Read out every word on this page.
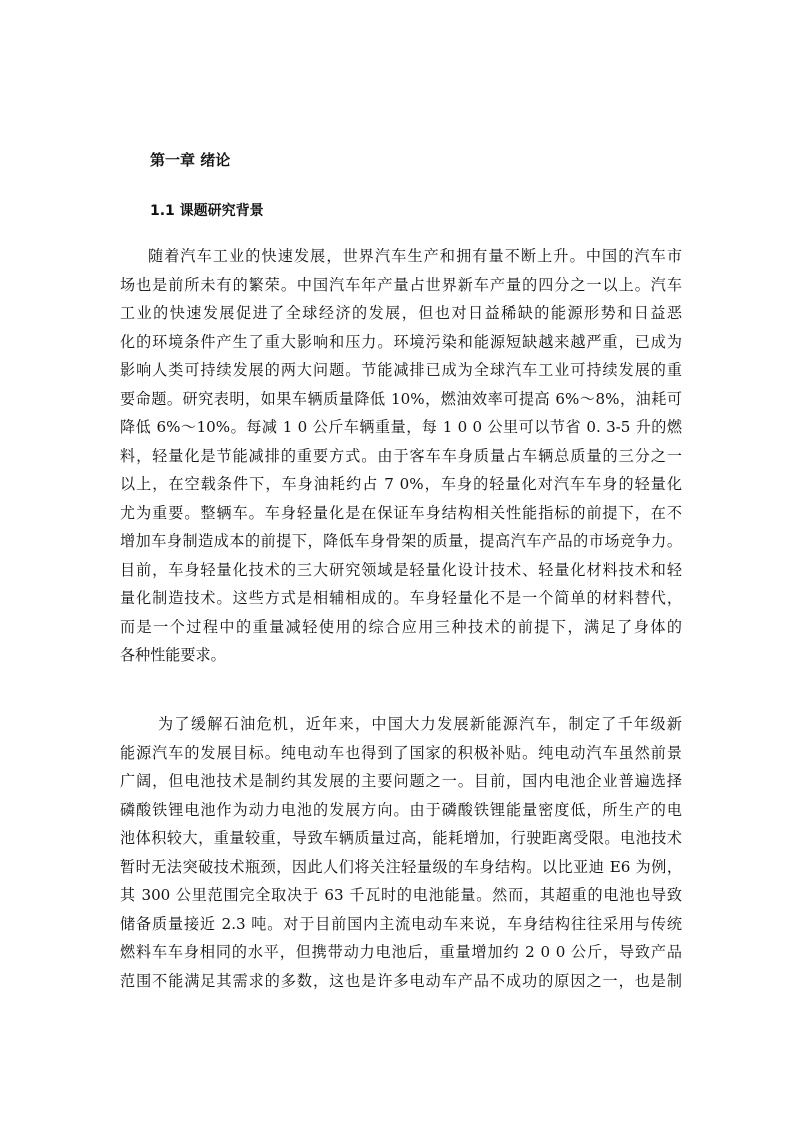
第一章 绪论
1.1 课题研究背景
随着汽车工业的快速发展，世界汽车生产和拥有量不断上升。中国的汽车市
场也是前所未有的繁荣。中国汽车年产量占世界新车产量的四分之一以上。汽车
工业的快速发展促进了全球经济的发展，但也对日益稀缺的能源形势和日益恶
化的环境条件产生了重大影响和压力。环境污染和能源短缺越来越严重，已成为
影响人类可持续发展的两大问题。节能减排已成为全球汽车工业可持续发展的重
要命题。研究表明，如果车辆质量降低 10%，燃油效率可提高 6%～8%，油耗可
降低 6%～10%。每减 1 0 公斤车辆重量，每 1 0 0 公里可以节省 0. 3-5 升的燃
料，轻量化是节能减排的重要方式。由于客车车身质量占车辆总质量的三分之一
以上，在空载条件下，车身油耗约占 7 0%，车身的轻量化对汽车车身的轻量化
尤为重要。整辆车。车身轻量化是在保证车身结构相关性能指标的前提下，在不
增加车身制造成本的前提下，降低车身骨架的质量，提高汽车产品的市场竞争力。
目前，车身轻量化技术的三大研究领域是轻量化设计技术、轻量化材料技术和轻
量化制造技术。这些方式是相辅相成的。车身轻量化不是一个简单的材料替代，
而是一个过程中的重量减轻使用的综合应用三种技术的前提下，满足了身体的
各种性能要求。
为了缓解石油危机，近年来，中国大力发展新能源汽车，制定了千年级新
能源汽车的发展目标。纯电动车也得到了国家的积极补贴。纯电动汽车虽然前景
广阔，但电池技术是制约其发展的主要问题之一。目前，国内电池企业普遍选择
磷酸铁锂电池作为动力电池的发展方向。由于磷酸铁锂能量密度低，所生产的电
池体积较大，重量较重，导致车辆质量过高，能耗增加，行驶距离受限。电池技术
暂时无法突破技术瓶颈，因此人们将关注轻量级的车身结构。以比亚迪 E6 为例，
其 300 公里范围完全取决于 63 千瓦时的电池能量。然而，其超重的电池也导致
储备质量接近 2.3 吨。对于目前国内主流电动车来说，车身结构往往采用与传统
燃料车车身相同的水平，但携带动力电池后，重量增加约 2 0 0 公斤，导致产品
范围不能满足其需求的多数，这也是许多电动车产品不成功的原因之一，也是制
